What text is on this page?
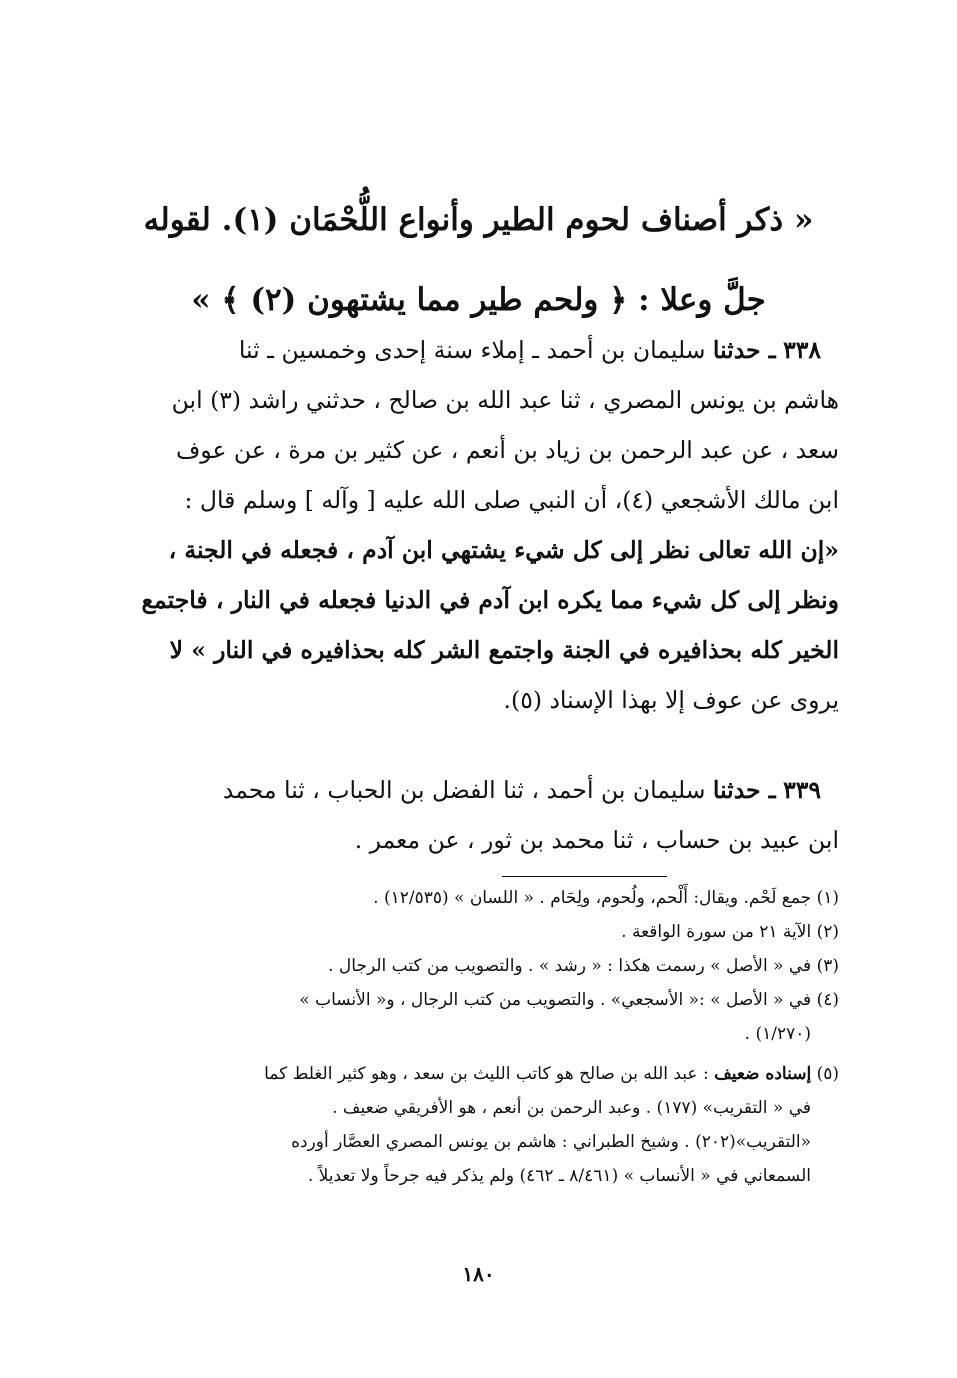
« ذكر أصناف لحوم الطير وأنواع اللُّحْمَان (١). لقوله
جلَّ وعلا : ﴿ ولحم طير مما يشتهون (٢) ﴾ »
٣٣٨ ـ حدثنا سليمان بن أحمد ـ إملاء سنة إحدى وخمسين ـ ثنا
هاشم بن يونس المصري ، ثنا عبد الله بن صالح ، حدثني راشد (٣) ابن
سعد ، عن عبد الرحمن بن زياد بن أنعم ، عن كثير بن مرة ، عن عوف
ابن مالك الأشجعي (٤)، أن النبي صلى الله عليه [ وآله ] وسلم قال :
«إن الله تعالى نظر إلى كل شيء يشتهي ابن آدم ، فجعله في الجنة ،
ونظر إلى كل شيء مما يكره ابن آدم في الدنيا فجعله في النار ، فاجتمع
الخير كله بحذافيره في الجنة واجتمع الشر كله بحذافيره في النار » لا
يروى عن عوف إلا بهذا الإسناد (٥).
٣٣٩ ـ حدثنا سليمان بن أحمد ، ثنا الفضل بن الحباب ، ثنا محمد
ابن عبيد بن حساب ، ثنا محمد بن ثور ، عن معمر .
(١) جمع لَحْم. ويقال: أَلْحم، ولُحوم، ولِحَام . « اللسان » (١٢/٥٣٥) .
(٢) الآية ٢١ من سورة الواقعة .
(٣) في « الأصل » رسمت هكذا : « رشد » . والتصويب من كتب الرجال .
(٤) في « الأصل » :« الأسجعي» . والتصويب من كتب الرجال ، و« الأنساب »
(١/٢٧٠) .
(٥) إسناده ضعيف : عبد الله بن صالح هو كاتب الليث بن سعد ، وهو كثير الغلط كما
في « التقريب» (١٧٧) . وعبد الرحمن بن أنعم ، هو الأفريقي ضعيف .
«التقريب»(٢٠٢) . وشيخ الطبراني : هاشم بن يونس المصري العصَّار أورده
السمعاني في « الأنساب » (٨/٤٦١ ـ ٤٦٢) ولم يذكر فيه جرحاً ولا تعديلاً .
١٨٠
